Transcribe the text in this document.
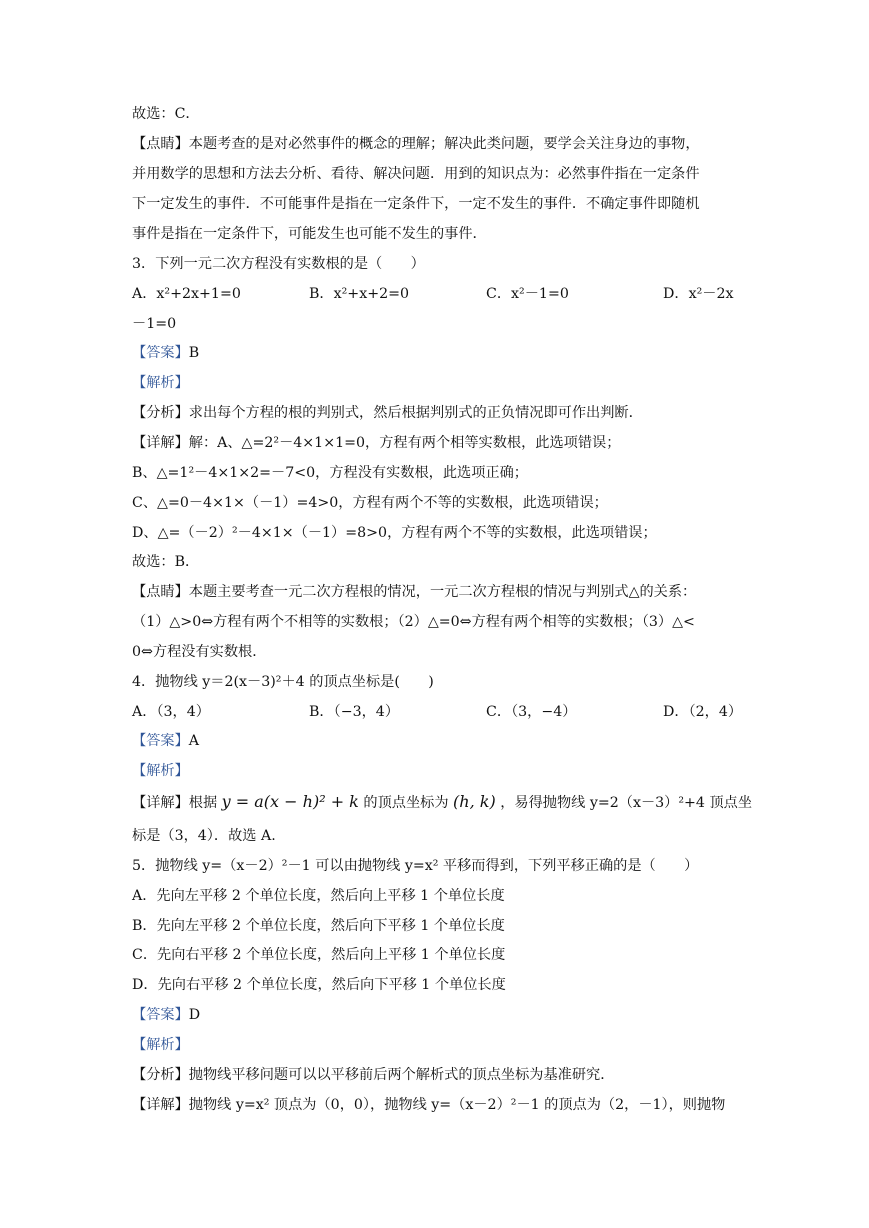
故选：C．
【点睛】本题考查的是对必然事件的概念的理解；解决此类问题，要学会关注身边的事物，
并用数学的思想和方法去分析、看待、解决问题．用到的知识点为：必然事件指在一定条件
下一定发生的事件．不可能事件是指在一定条件下，一定不发生的事件．不确定事件即随机
事件是指在一定条件下，可能发生也可能不发生的事件．
3．下列一元二次方程没有实数根的是（　　）
A．x²+2x+1=0	B．x²+x+2=0	C．x²－1=0	D．x²－2x
－1=0
【答案】B
【解析】
【分析】求出每个方程的根的判别式，然后根据判别式的正负情况即可作出判断．
【详解】解：A、△=2²－4×1×1=0，方程有两个相等实数根，此选项错误；
B、△=1²－4×1×2=－7<0，方程没有实数根，此选项正确；
C、△=0－4×1×（－1）=4>0，方程有两个不等的实数根，此选项错误；
D、△=（－2）²－4×1×（－1）=8>0，方程有两个不等的实数根，此选项错误；
故选：B．
【点睛】本题主要考查一元二次方程根的情况，一元二次方程根的情况与判别式△的关系：
（1）△>0⇔方程有两个不相等的实数根；（2）△=0⇔方程有两个相等的实数根；（3）△<
0⇔方程没有实数根．
4．抛物线 y＝2(x－3)²＋4 的顶点坐标是(　　)
A．（3，4）	B．（−3，4）	C．（3，−4）	D．（2，4）
【答案】A
【解析】
【详解】根据 y = a(x − h)² + k 的顶点坐标为 (h, k) ，易得抛物线 y=2（x－3）²+4 顶点坐
标是（3，4）．故选 A.
5．抛物线 y=（x－2）²－1 可以由抛物线 y=x² 平移而得到，下列平移正确的是（　　）
A．先向左平移 2 个单位长度，然后向上平移 1 个单位长度
B．先向左平移 2 个单位长度，然后向下平移 1 个单位长度
C．先向右平移 2 个单位长度，然后向上平移 1 个单位长度
D．先向右平移 2 个单位长度，然后向下平移 1 个单位长度
【答案】D
【解析】
【分析】抛物线平移问题可以以平移前后两个解析式的顶点坐标为基准研究．
【详解】抛物线 y=x² 顶点为（0，0），抛物线 y=（x－2）²－1 的顶点为（2，－1），则抛物
